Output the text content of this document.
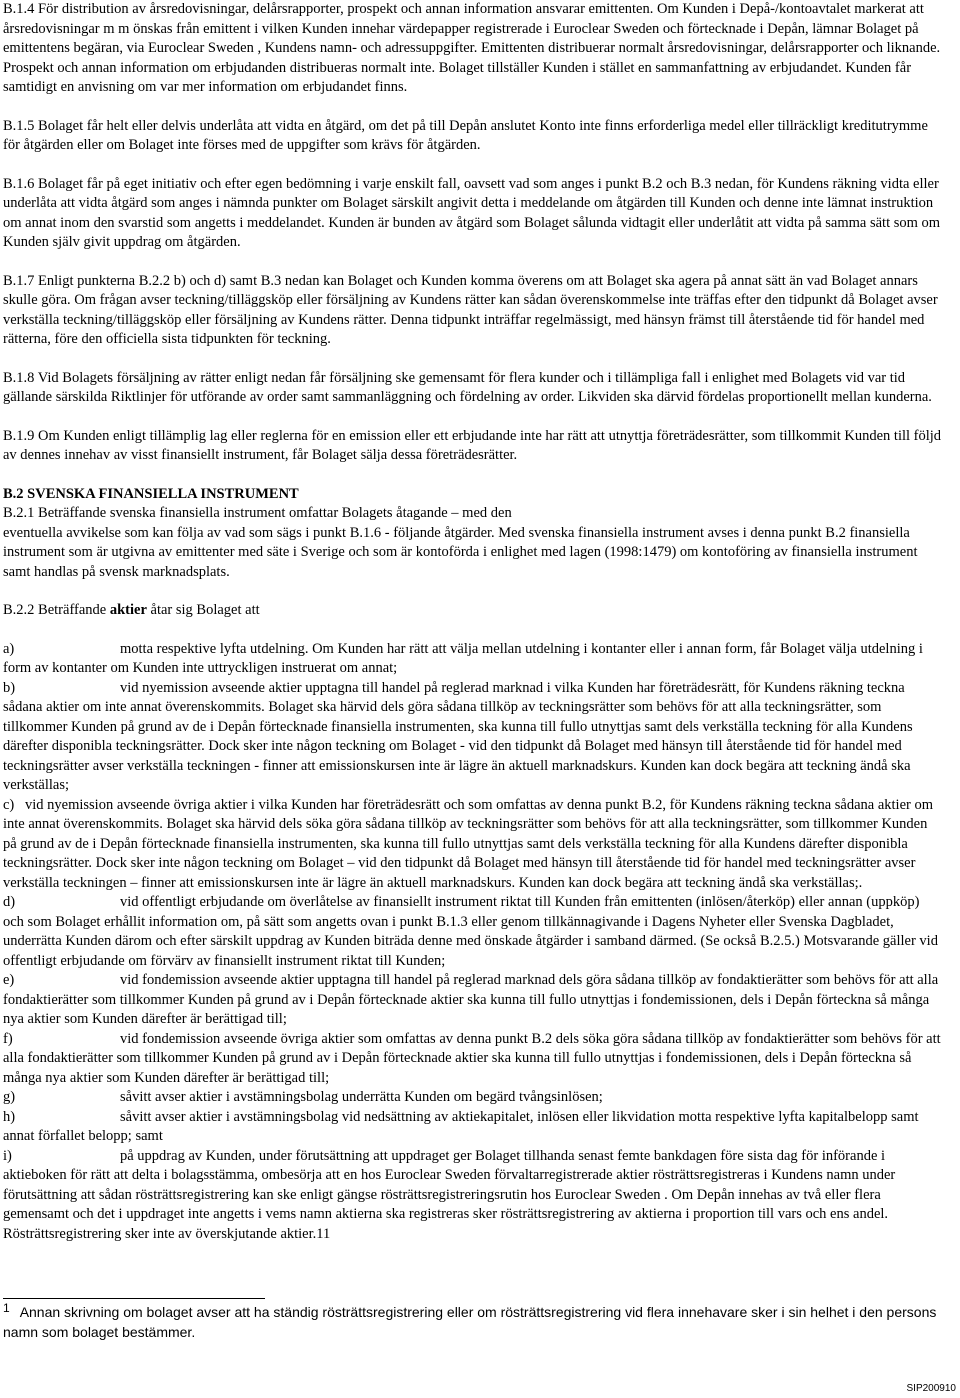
B.1.4 För distribution av årsredovisningar, delårsrapporter, prospekt och annan information ansvarar emittenten. Om Kunden i Depå-/kontoavtalet markerat att årsredovisningar m m önskas från emittent i vilken Kunden innehar värdepapper registrerade i Euroclear Sweden och förtecknade i Depån, lämnar Bolaget på emittentens begäran, via Euroclear Sweden , Kundens namn- och adressuppgifter. Emittenten distribuerar normalt årsredovisningar, delårsrapporter och liknande. Prospekt och annan information om erbjudanden distribueras normalt inte. Bolaget tillställer Kunden i stället en sammanfattning av erbjudandet. Kunden får samtidigt en anvisning om var mer information om erbjudandet finns.

B.1.5 Bolaget får helt eller delvis underlåta att vidta en åtgärd, om det på till Depån anslutet Konto inte finns erforderliga medel eller tillräckligt kreditutrymme för åtgärden eller om Bolaget inte förses med de uppgifter som krävs för åtgärden.

B.1.6 Bolaget får på eget initiativ och efter egen bedömning i varje enskilt fall, oavsett vad som anges i punkt B.2 och B.3 nedan, för Kundens räkning vidta eller underlåta att vidta åtgärd som anges i nämnda punkter om Bolaget särskilt angivit detta i meddelande om åtgärden till Kunden och denne inte lämnat instruktion om annat inom den svarstid som angetts i meddelandet. Kunden är bunden av åtgärd som Bolaget sålunda vidtagit eller underlåtit att vidta på samma sätt som om Kunden själv givit uppdrag om åtgärden.

B.1.7 Enligt punkterna B.2.2 b) och d) samt B.3 nedan kan Bolaget och Kunden komma överens om att Bolaget ska agera på annat sätt än vad Bolaget annars skulle göra. Om frågan avser teckning/tilläggsköp eller försäljning av Kundens rätter kan sådan överenskommelse inte träffas efter den tidpunkt då Bolaget avser verkställa teckning/tilläggsköp eller försäljning av Kundens rätter. Denna tidpunkt inträffar regelmässigt, med hänsyn främst till återstående tid för handel med rätterna, före den officiella sista tidpunkten för teckning.

B.1.8 Vid Bolagets försäljning av rätter enligt nedan får försäljning ske gemensamt för flera kunder och i tillämpliga fall i enlighet med Bolagets vid var tid gällande särskilda Riktlinjer för utförande av order samt sammanläggning och fördelning av order. Likviden ska därvid fördelas proportionellt mellan kunderna.

B.1.9 Om Kunden enligt tillämplig lag eller reglerna för en emission eller ett erbjudande inte har rätt att utnyttja företrädesrätter, som tillkommit Kunden till följd av dennes innehav av visst finansiellt instrument, får Bolaget sälja dessa företrädesrätter.

B.2 SVENSKA FINANSIELLA INSTRUMENT

B.2.1 Beträffande svenska finansiella instrument omfattar Bolagets åtagande – med den

eventuella avvikelse som kan följa av vad som sägs i punkt B.1.6 - följande åtgärder. Med svenska finansiella instrument avses i denna punkt B.2 finansiella instrument som är utgivna av emittenter med säte i Sverige och som är kontoförda i enlighet med lagen (1998:1479) om kontoföring av finansiella instrument samt handlas på svensk marknadsplats.

B.2.2 Beträffande aktier åtar sig Bolaget att

a)	motta respektive lyfta utdelning. Om Kunden har rätt att välja mellan utdelning i kontanter eller i annan form, får Bolaget välja utdelning i form av kontanter om Kunden inte uttryckligen instruerat om annat;

b)	vid nyemission avseende aktier upptagna till handel på reglerad marknad i vilka Kunden har företrädesrätt, för Kundens räkning teckna sådana aktier om inte annat överenskommits. Bolaget ska härvid dels göra sådana tillköp av teckningsrätter som behövs för att alla teckningsrätter, som tillkommer Kunden på grund av de i Depån förtecknade finansiella instrumenten, ska kunna till fullo utnyttjas samt dels verkställa teckning för alla Kundens därefter disponibla teckningsrätter. Dock sker inte någon teckning om Bolaget - vid den tidpunkt då Bolaget med hänsyn till återstående tid för handel med teckningsrätter avser verkställa teckningen - finner att emissionskursen inte är lägre än aktuell marknadskurs. Kunden kan dock begära att teckning ändå ska verkställas;

c) vid nyemission avseende övriga aktier i vilka Kunden har företrädesrätt och som omfattas av denna punkt B.2, för Kundens räkning teckna sådana aktier om inte annat överenskommits. Bolaget ska härvid dels söka göra sådana tillköp av teckningsrätter som behövs för att alla teckningsrätter, som tillkommer Kunden på grund av de i Depån förtecknade finansiella instrumenten, ska kunna till fullo utnyttjas samt dels verkställa teckning för alla Kundens därefter disponibla teckningsrätter. Dock sker inte någon teckning om Bolaget – vid den tidpunkt då Bolaget med hänsyn till återstående tid för handel med teckningsrätter avser verkställa teckningen – finner att emissionskursen inte är lägre än aktuell marknadskurs. Kunden kan dock begära att teckning ändå ska verkställas;.

d)	vid offentligt erbjudande om överlåtelse av finansiellt instrument riktat till Kunden från emittenten (inlösen/återköp) eller annan (uppköp) och som Bolaget erhållit information om, på sätt som angetts ovan i punkt B.1.3 eller genom tillkännagivande i Dagens Nyheter eller Svenska Dagbladet, underrätta Kunden därom och efter särskilt uppdrag av Kunden biträda denne med önskade åtgärder i samband därmed. (Se också B.2.5.) Motsvarande gäller vid offentligt erbjudande om förvärv av finansiellt instrument riktat till Kunden;

e)	vid fondemission avseende aktier upptagna till handel på reglerad marknad dels göra sådana tillköp av fondaktierätter som behövs för att alla fondaktierätter som tillkommer Kunden på grund av i Depån förtecknade aktier ska kunna till fullo utnyttjas i fondemissionen, dels i Depån förteckna så många nya aktier som Kunden därefter är berättigad till;

f)	vid fondemission avseende övriga aktier som omfattas av denna punkt B.2 dels söka göra sådana tillköp av fondaktierätter som behövs för att alla fondaktierätter som tillkommer Kunden på grund av i Depån förtecknade aktier ska kunna till fullo utnyttjas i fondemissionen, dels i Depån förteckna så många nya aktier som Kunden därefter är berättigad till;

g)	såvitt avser aktier i avstämningsbolag underrätta Kunden om begärd tvångsinlösen;

h)	såvitt avser aktier i avstämningsbolag vid nedsättning av aktiekapitalet, inlösen eller likvidation motta respektive lyfta kapitalbelopp samt annat förfallet belopp; samt

i)	på uppdrag av Kunden, under förutsättning att uppdraget ger Bolaget tillhanda senast femte bankdagen före sista dag för införande i aktieboken för rätt att delta i bolagsstämma, ombesörja att en hos Euroclear Sweden förvaltarregistrerade aktier rösträttsregistreras i Kundens namn under förutsättning att sådan rösträttsregistrering kan ske enligt gängse rösträttsregistreringsrutin hos Euroclear Sweden . Om Depån innehas av två eller flera gemensamt och det i uppdraget inte angetts i vems namn aktierna ska registreras sker rösträttsregistrering av aktierna i proportion till vars och ens andel. Rösträttsregistrering sker inte av överskjutande aktier.11

1 Annan skrivning om bolaget avser att ha ständig rösträttsregistrering eller om rösträttsregistrering vid flera innehavare sker i sin helhet i den persons namn som bolaget bestämmer.
SIP200910
